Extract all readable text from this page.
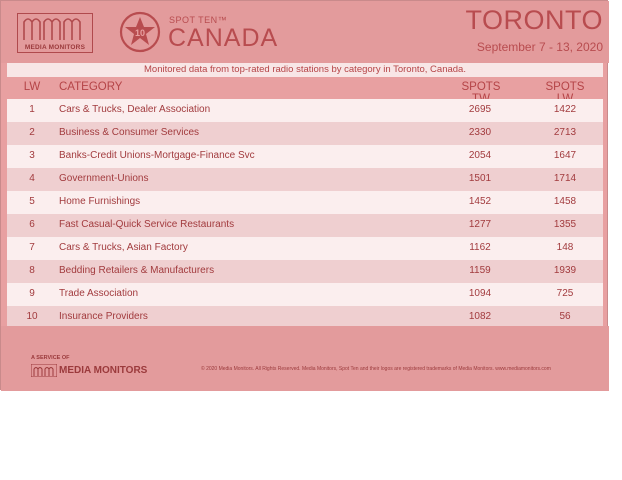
MEDIA MONITORS
10
SPOT TEN™
CANADA
TORONTO
September 7 - 13, 2020
Monitored data from top-rated radio stations by category in Toronto, Canada.
LW	CATEGORY	SPOTS	SPOTS
1	Cars & Trucks, Dealer Association	2695	1422
2	Business & Consumer Services	2330	2713
3	Banks-Credit Unions-Mortgage-Finance Svc	2054	1647
4	Government-Unions	1501	1714
5	Home Furnishings	1452	1458
6	Fast Casual-Quick Service Restaurants	1277	1355
7	Cars & Trucks, Asian Factory	1162	148
8	Bedding Retailers & Manufacturers	1159	1939
9	Trade Association	1094	725
10	Insurance Providers	1082	56
A SERVICE OF
MEDIA MONITORS	© 2020 Media Monitors. All Rights Reserved. Media Monitors, Spot Ten and their logos are registered trademarks of Media Monitors. www.mediamonitors.com
